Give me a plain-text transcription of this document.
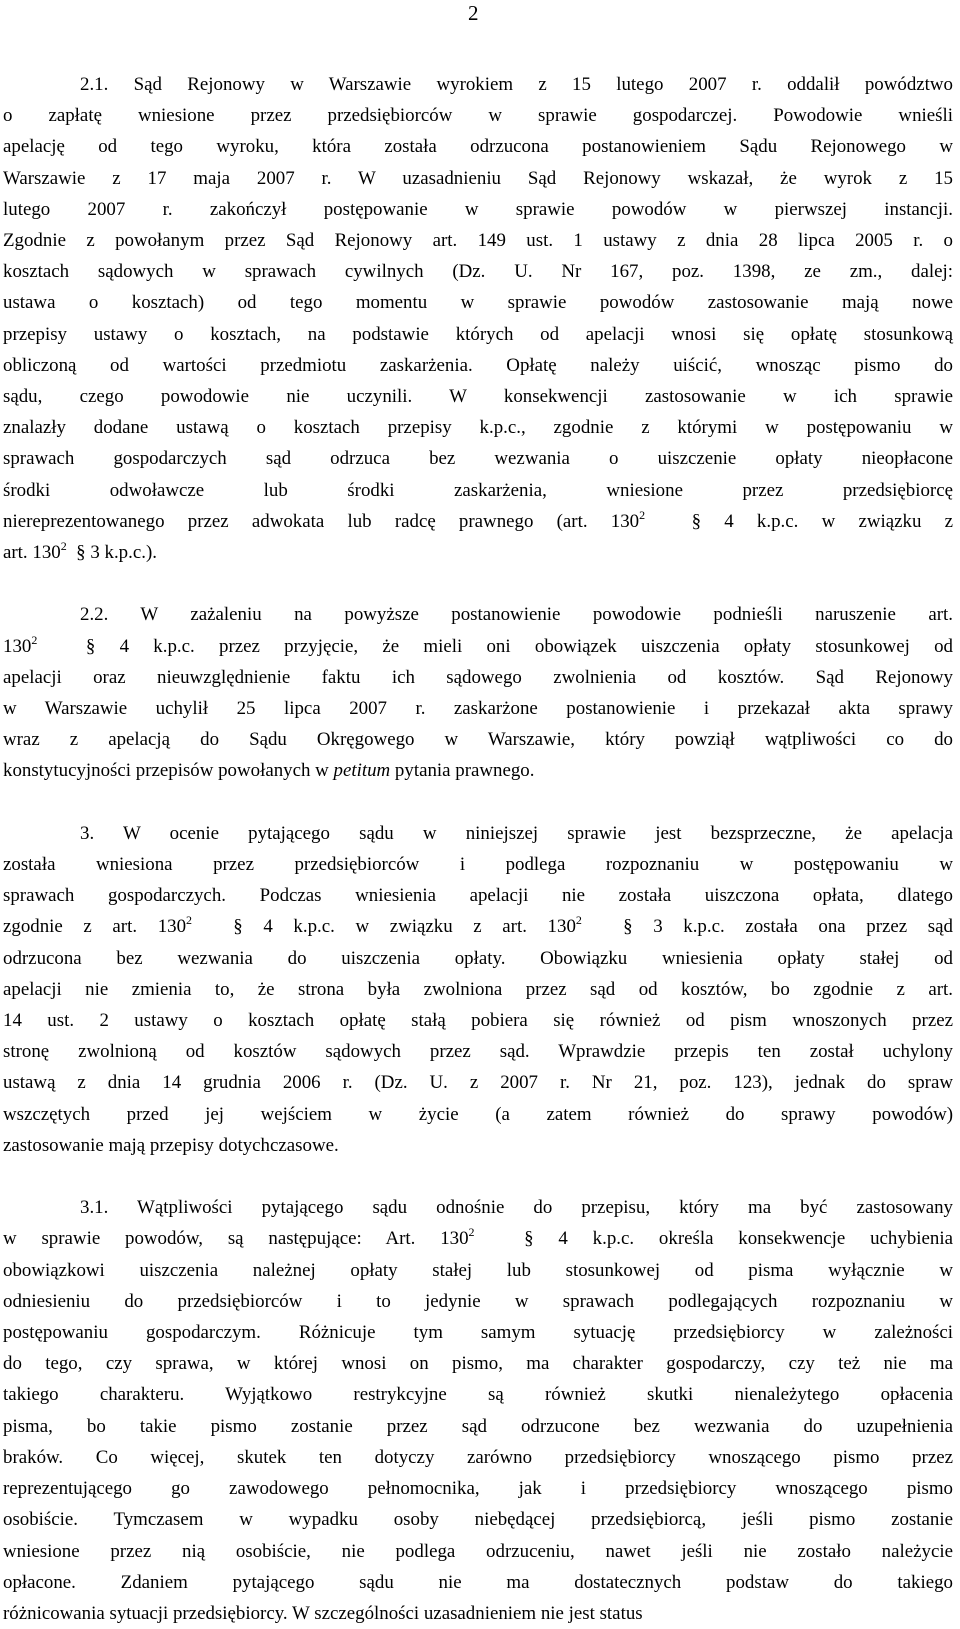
2
2.1. Sąd Rejonowy w Warszawie wyrokiem z 15 lutego 2007 r. oddalił powództwo
o zapłatę wniesione przez przedsiębiorców w sprawie gospodarczej. Powodowie wnieśli
apelację od tego wyroku, która została odrzucona postanowieniem Sądu Rejonowego w
Warszawie z 17 maja 2007 r. W uzasadnieniu Sąd Rejonowy wskazał, że wyrok z 15
lutego 2007 r. zakończył postępowanie w sprawie powodów w pierwszej instancji.
Zgodnie z powołanym przez Sąd Rejonowy art. 149 ust. 1 ustawy z dnia 28 lipca 2005 r. o
kosztach sądowych w sprawach cywilnych (Dz. U. Nr 167, poz. 1398, ze zm., dalej:
ustawa o kosztach) od tego momentu w sprawie powodów zastosowanie mają nowe
przepisy ustawy o kosztach, na podstawie których od apelacji wnosi się opłatę stosunkową
obliczoną od wartości przedmiotu zaskarżenia. Opłatę należy uiścić, wnosząc pismo do
sądu, czego powodowie nie uczynili. W konsekwencji zastosowanie w ich sprawie
znalazły dodane ustawą o kosztach przepisy k.p.c., zgodnie z którymi w postępowaniu w
sprawach gospodarczych sąd odrzuca bez wezwania o uiszczenie opłaty nieopłacone
środki odwoławcze lub środki zaskarżenia, wniesione przez przedsiębiorcę
niereprezentowanego przez adwokata lub radcę prawnego (art. $130^2$  § 4 k.p.c. w związku z
art. $130^2$  § 3 k.p.c.).
2.2. W zażaleniu na powyższe postanowienie powodowie podnieśli naruszenie art.
$130^2$  § 4 k.p.c. przez przyjęcie, że mieli oni obowiązek uiszczenia opłaty stosunkowej od
apelacji oraz nieuwzględnienie faktu ich sądowego zwolnienia od kosztów. Sąd Rejonowy
w Warszawie uchylił 25 lipca 2007 r. zaskarżone postanowienie i przekazał akta sprawy
wraz z apelacją do Sądu Okręgowego w Warszawie, który powziął wątpliwości co do
konstytucyjności przepisów powołanych w petitum pytania prawnego.
3. W ocenie pytającego sądu w niniejszej sprawie jest bezsprzeczne, że apelacja
została wniesiona przez przedsiębiorców i podlega rozpoznaniu w postępowaniu w
sprawach gospodarczych. Podczas wniesienia apelacji nie została uiszczona opłata, dlatego
zgodnie z art. $130^2$  § 4 k.p.c. w związku z art. $130^2$  § 3 k.p.c. została ona przez sąd
odrzucona bez wezwania do uiszczenia opłaty. Obowiązku wniesienia opłaty stałej od
apelacji nie zmienia to, że strona była zwolniona przez sąd od kosztów, bo zgodnie z art.
14 ust. 2 ustawy o kosztach opłatę stałą pobiera się również od pism wnoszonych przez
stronę zwolnioną od kosztów sądowych przez sąd. Wprawdzie przepis ten został uchylony
ustawą z dnia 14 grudnia 2006 r. (Dz. U. z 2007 r. Nr 21, poz. 123), jednak do spraw
wszczętych przed jej wejściem w życie (a zatem również do sprawy powodów)
zastosowanie mają przepisy dotychczasowe.
3.1. Wątpliwości pytającego sądu odnośnie do przepisu, który ma być zastosowany
w sprawie powodów, są następujące: Art. $130^2$  § 4 k.p.c. określa konsekwencje uchybienia
obowiązkowi uiszczenia należnej opłaty stałej lub stosunkowej od pisma wyłącznie w
odniesieniu do przedsiębiorców i to jedynie w sprawach podlegających rozpoznaniu w
postępowaniu gospodarczym. Różnicuje tym samym sytuację przedsiębiorcy w zależności
do tego, czy sprawa, w której wnosi on pismo, ma charakter gospodarczy, czy też nie ma
takiego charakteru. Wyjątkowo restrykcyjne są również skutki nienależytego opłacenia
pisma, bo takie pismo zostanie przez sąd odrzucone bez wezwania do uzupełnienia
braków. Co więcej, skutek ten dotyczy zarówno przedsiębiorcy wnoszącego pismo przez
reprezentującego go zawodowego pełnomocnika, jak i przedsiębiorcy wnoszącego pismo
osobiście. Tymczasem w wypadku osoby niebędącej przedsiębiorcą, jeśli pismo zostanie
wniesione przez nią osobiście, nie podlega odrzuceniu, nawet jeśli nie zostało należycie
opłacone. Zdaniem pytającego sądu nie ma dostatecznych podstaw do takiego
różnicowania sytuacji przedsiębiorcy. W szczególności uzasadnieniem nie jest status
